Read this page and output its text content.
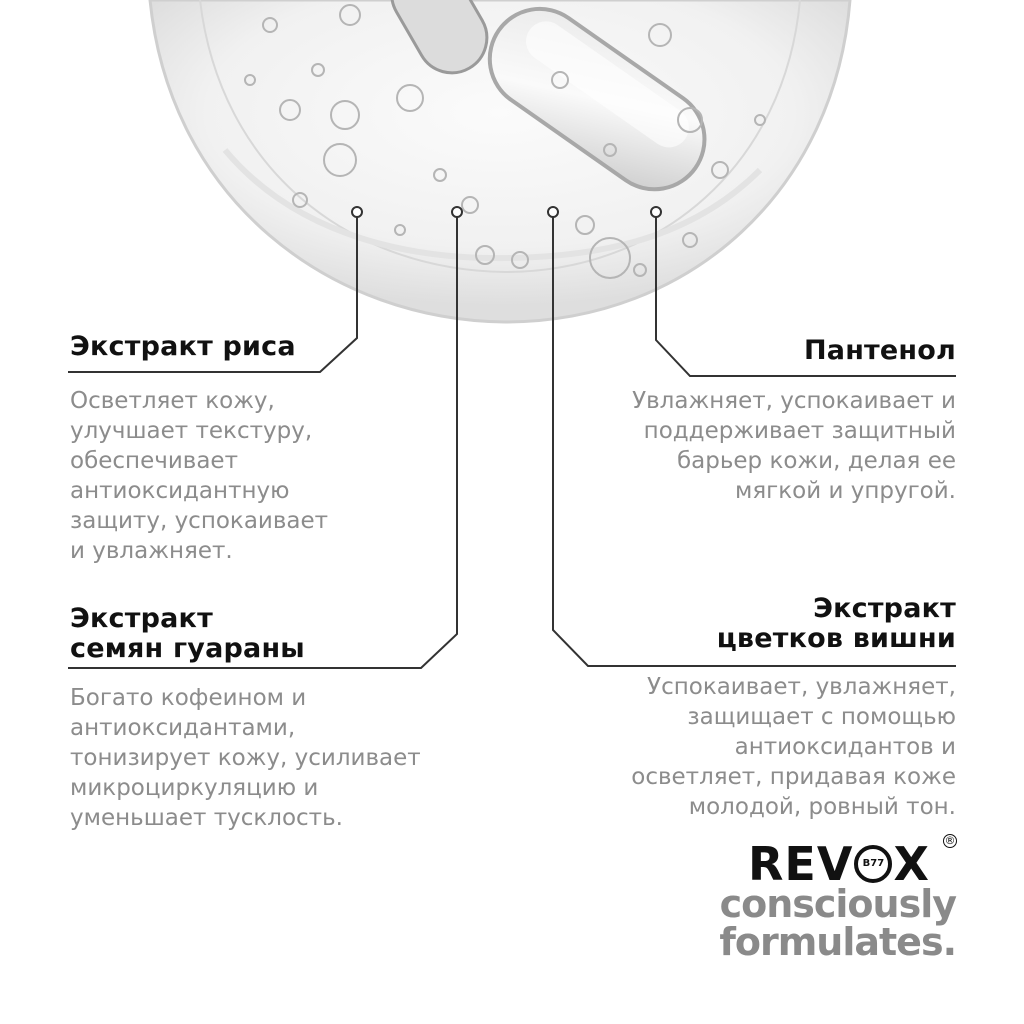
Экстракт риса

Осветляет кожу,
улучшает текстуру,
обеспечивает
антиоксидантную
защиту, успокаивает
и увлажняет.

Экстракт
семян гуараны

Богато кофеином и
антиоксидантами,
тонизирует кожу, усиливает
микроциркуляцию и
уменьшает тусклость.

Пантенол

Увлажняет, успокаивает и
поддерживает защитный
барьер кожи, делая ее
мягкой и упругой.

Экстракт
цветков вишни

Успокаивает, увлажняет,
защищает с помощью
антиоксидантов и
осветляет, придавая коже
молодой, ровный тон.

REV B77 X ®
consciously
formulates.
